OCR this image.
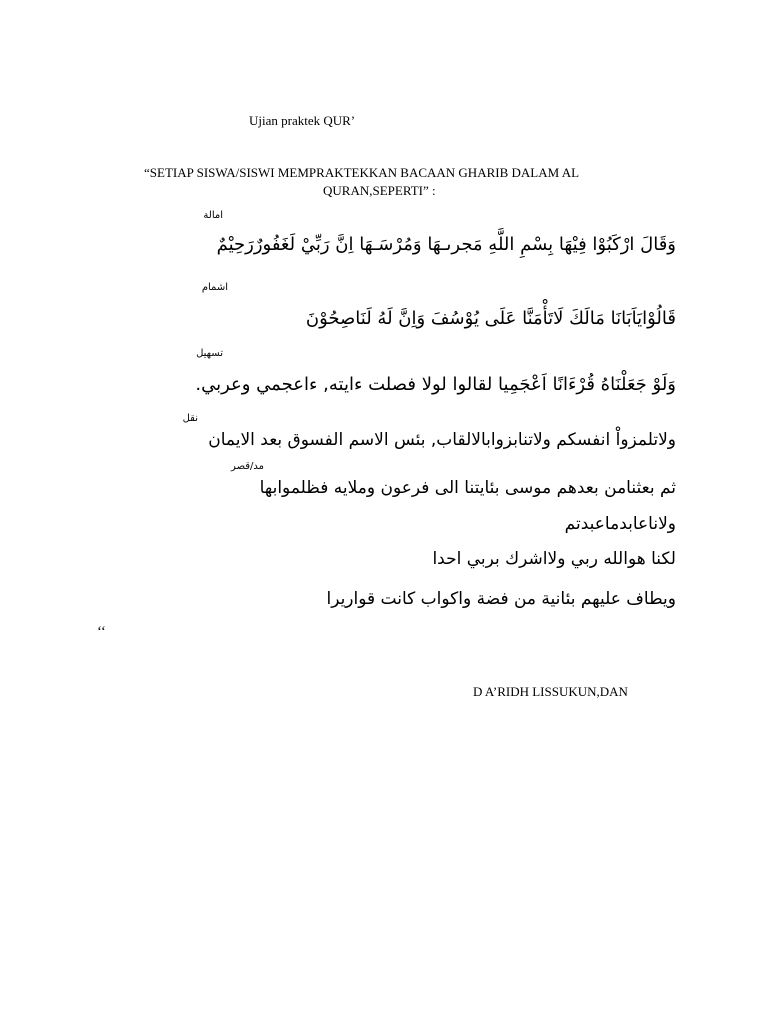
Ujian praktek QUR’
“SETIAP SISWA/SISWI MEMPRAKTEKKAN BACAAN GHARIB DALAM AL
QURAN,SEPERTI” :
امالة
وَقَالَ ارْكَبُوْا فِيْهَا بِسْمِ اللَّهِ مَجرىـهَا وَمُرْسَـهَا اِنَّ رَبِّيْ لَغَفُورٌرَحِيْمٌ
اشمام
قَالُوْايَاَبَانَا مَالَكَ لَاتَأْمَنَّا عَلَى يُوْسُفَ وَاِنَّ لَهُ لَنَاصِحُوْنَ
تسهيل
وَلَوْ جَعَلْنَاهُ قُرْءَانًا اَعْجَمِيا لقالوا لولا فصلت ءايته, ءاعجمي وعربي.
نقل
ولاتلمزواْ انفسكم ولاتنابزوابالالقاب, بئس الاسم الفسوق بعد الايمان
مد/قصر
ثم بعثنامن بعدهم موسى بئايتنا الى فرعون وملايه فظلموابها
ولاناعابدماعبدتم
لكنا هوالله ربي ولااشرك بربي احدا
ويطاف عليهم بئانية من فضة واكواب كانت قواريرا
‘‘
D A’RIDH LISSUKUN,DAN
